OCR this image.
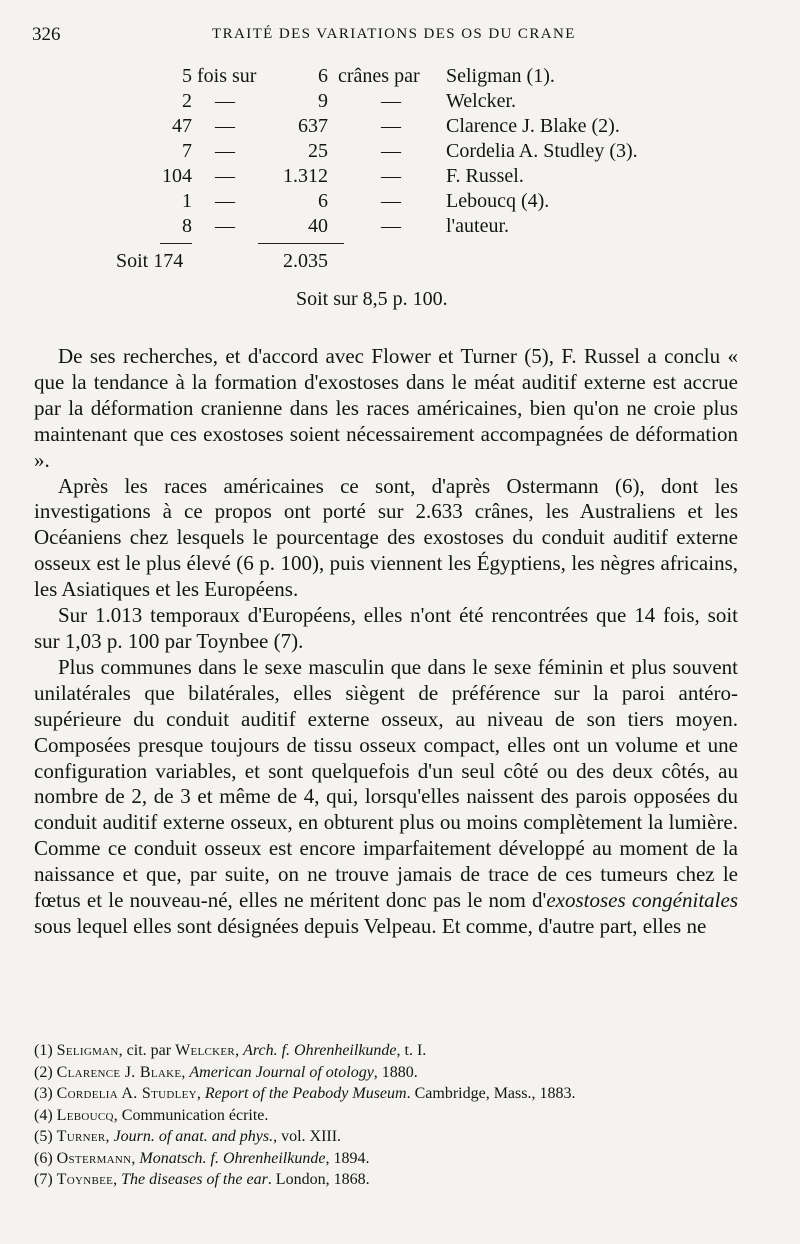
326	TRAITÉ DES VARIATIONS DES OS DU CRANE
5 fois sur	6 crânes par Seligman (1).
2 —	9	— Welcker.
47 —	637	— Clarence J. Blake (2).
7 —	25	— Cordelia A. Studley (3).
104 —	1.312	— F. Russel.
1 —	6	— Leboucq (4).
8 —	40	— l'auteur.
Soit 174	2.035
Soit sur 8,5 p. 100.

De ses recherches, et d'accord avec Flower et Turner (5), F. Russel a conclu « que la tendance à la formation d'exostoses dans le méat auditif externe est accrue par la déformation cranienne dans les races américaines, bien qu'on ne croie plus maintenant que ces exostoses soient nécessairement accompagnées de déformation ».

Après les races américaines ce sont, d'après Ostermann (6), dont les investigations à ce propos ont porté sur 2.633 crânes, les Australiens et les Océaniens chez lesquels le pourcentage des exostoses du conduit auditif externe osseux est le plus élevé (6 p. 100), puis viennent les Égyptiens, les nègres africains, les Asiatiques et les Européens.

Sur 1.013 temporaux d'Européens, elles n'ont été rencontrées que 14 fois, soit sur 1,03 p. 100 par Toynbee (7).

Plus communes dans le sexe masculin que dans le sexe féminin et plus souvent unilatérales que bilatérales, elles siègent de préférence sur la paroi antéro-supérieure du conduit auditif externe osseux, au niveau de son tiers moyen. Composées presque toujours de tissu osseux compact, elles ont un volume et une configuration variables, et sont quelquefois d'un seul côté ou des deux côtés, au nombre de 2, de 3 et même de 4, qui, lorsqu'elles naissent des parois opposées du conduit auditif externe osseux, en obturent plus ou moins complètement la lumière. Comme ce conduit osseux est encore imparfaitement développé au moment de la naissance et que, par suite, on ne trouve jamais de trace de ces tumeurs chez le fœtus et le nouveau-né, elles ne méritent donc pas le nom d'exostoses congénitales sous lequel elles sont désignées depuis Velpeau. Et comme, d'autre part, elles ne

(1) Seligman, cit. par Welcker, Arch. f. Ohrenheilkunde, t. I.

(2) Clarence J. Blake, American Journal of otology, 1880.

(3) Cordelia A. Studley, Report of the Peabody Museum. Cambridge, Mass., 1883.

(4) Leboucq, Communication écrite.

(5) Turner, Journ. of anat. and phys., vol. XIII.

(6) Ostermann, Monatsch. f. Ohrenheilkunde, 1894.

(7) Toynbee, The diseases of the ear. London, 1868.
